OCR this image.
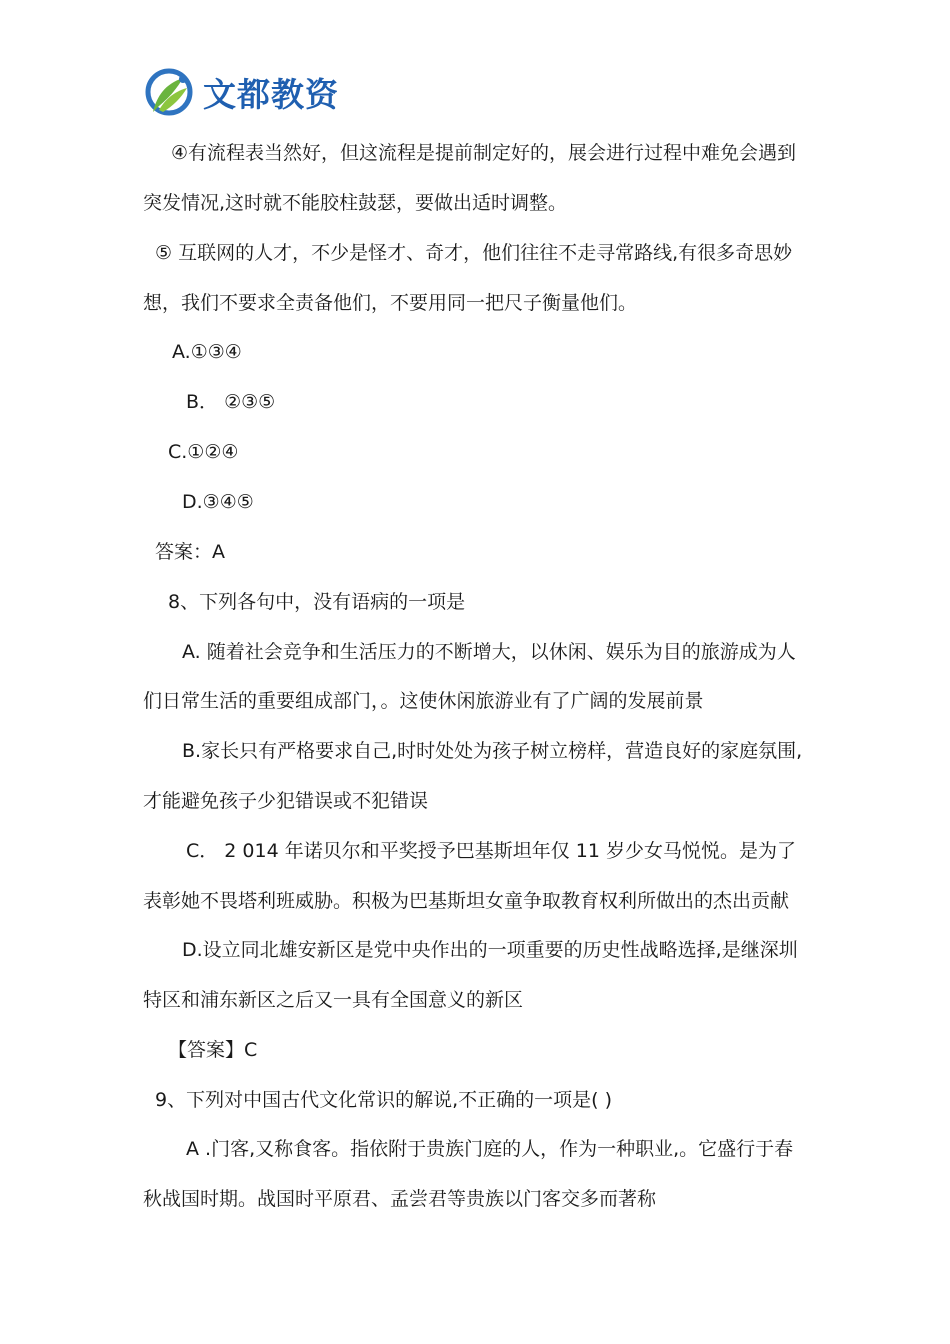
文都教资
④有流程表当然好，但这流程是提前制定好的，展会进行过程中难免会遇到
突发情况,这时就不能胶柱鼓瑟，要做出适时调整。
⑤ 互联网的人才，不少是怪才、奇才，他们往往不走寻常路线,有很多奇思妙
想，我们不要求全责备他们，不要用同一把尺子衡量他们。
A.①③④
B． ②③⑤
C.①②④
D.③④⑤
答案：A
8、下列各句中，没有语病的一项是
A. 随着社会竞争和生活压力的不断增大，以休闲、娱乐为目的旅游成为人
们日常生活的重要组成部门，。这使休闲旅游业有了广阔的发展前景
B.家长只有严格要求自己,时时处处为孩子树立榜样，营造良好的家庭氛围,
才能避免孩子少犯错误或不犯错误
C． 2 014 年诺贝尔和平奖授予巴基斯坦年仅 11 岁少女马悦悦。是为了
表彰她不畏塔利班威胁。积极为巴基斯坦女童争取教育权利所做出的杰出贡献
D.设立同北雄安新区是党中央作出的一项重要的历史性战略选择,是继深圳
特区和浦东新区之后又一具有全国意义的新区
【答案】C
9、下列对中国古代文化常识的解说,不正确的一项是( )
A .门客,又称食客。指依附于贵族门庭的人，作为一种职业,。它盛行于春
秋战国时期。战国时平原君、孟尝君等贵族以门客交多而著称
